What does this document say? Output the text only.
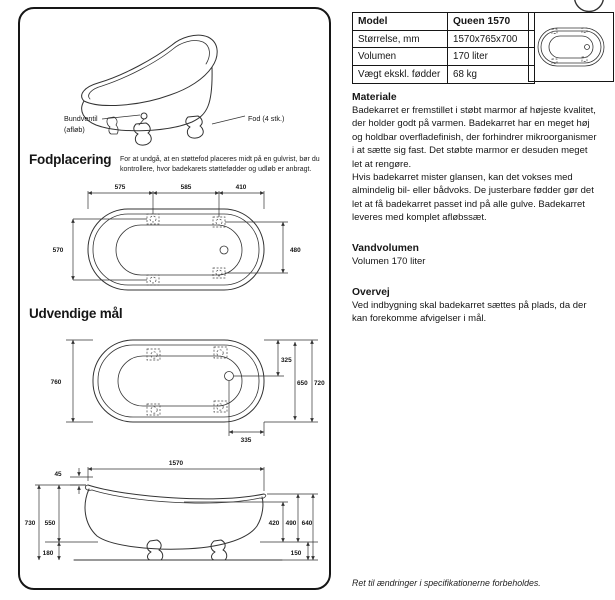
Bundventil
(afløb)
Fod (4 stk.)
Fodplacering For at undgå, at en støttefod placeres midt på en gulvrist, bør du kontrollere, hvor badekarets støttefødder og udløb er anbragt.
575	585	410
570	480
Udvendige mål
760
325
650 720
335
1570
45
730 550
180
420 490 640
150
Model	Queen 1570
Størrelse, mm	1570x765x700
Volumen	170 liter
Vægt ekskl. fødder	68 kg

Materiale

Badekarret er fremstillet i støbt marmor af højeste kvalitet, der holder godt på varmen. Badekarret har en meget høj og holdbar overfladefinish, der forhindrer mikroorganismer i at sætte sig fast. Det støbte marmor er desuden meget let at rengøre.

Hvis badekarret mister glansen, kan det vokses med almindelig bil- eller bådvoks. De justerbare fødder gør det let at få badekarret passet ind på alle gulve. Badekarret leveres med komplet afløbssæt.

Vandvolumen

Volumen 170 liter

Overvej

Ved indbygning skal badekarret sættes på plads, da der kan forekomme afvigelser i mål.

Ret til ændringer i specifikationerne forbeholdes.
